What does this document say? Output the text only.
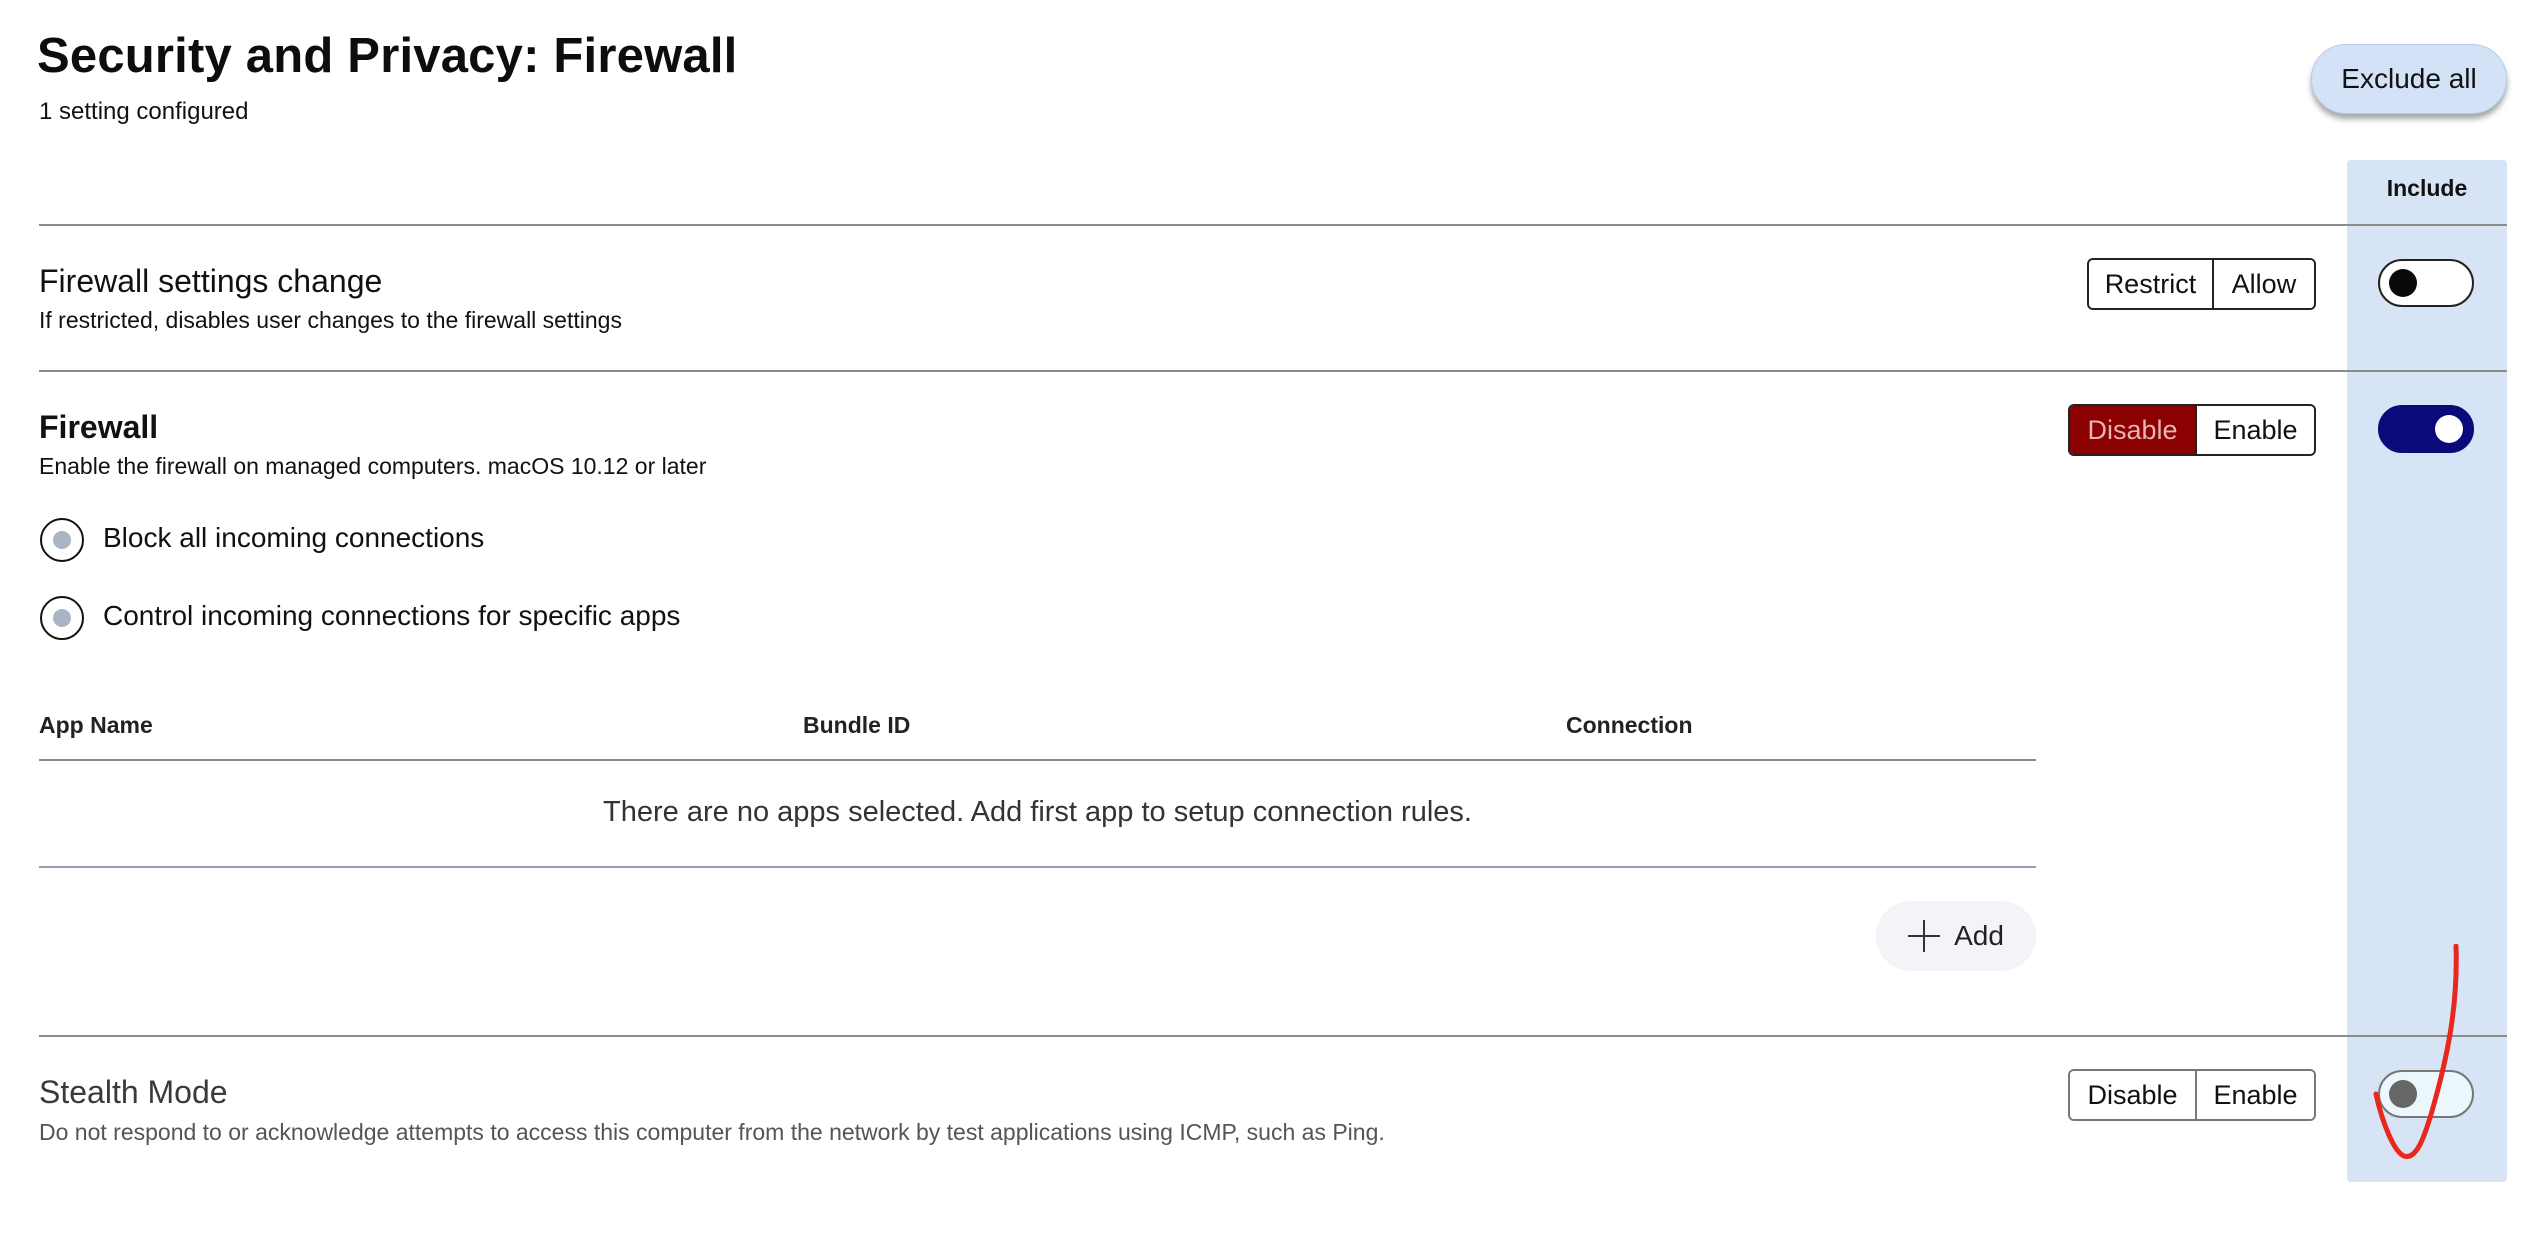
Security and Privacy: Firewall
1 setting configured
Exclude all
Include
Firewall settings change
If restricted, disables user changes to the firewall settings
Restrict	Allow
Firewall
Enable the firewall on managed computers. macOS 10.12 or later
Disable	Enable
Block all incoming connections
Control incoming connections for specific apps
App Name	Bundle ID	Connection
There are no apps selected. Add first app to setup connection rules.
Add
Stealth Mode
Do not respond to or acknowledge attempts to access this computer from the network by test applications using ICMP, such as Ping.
Disable	Enable
